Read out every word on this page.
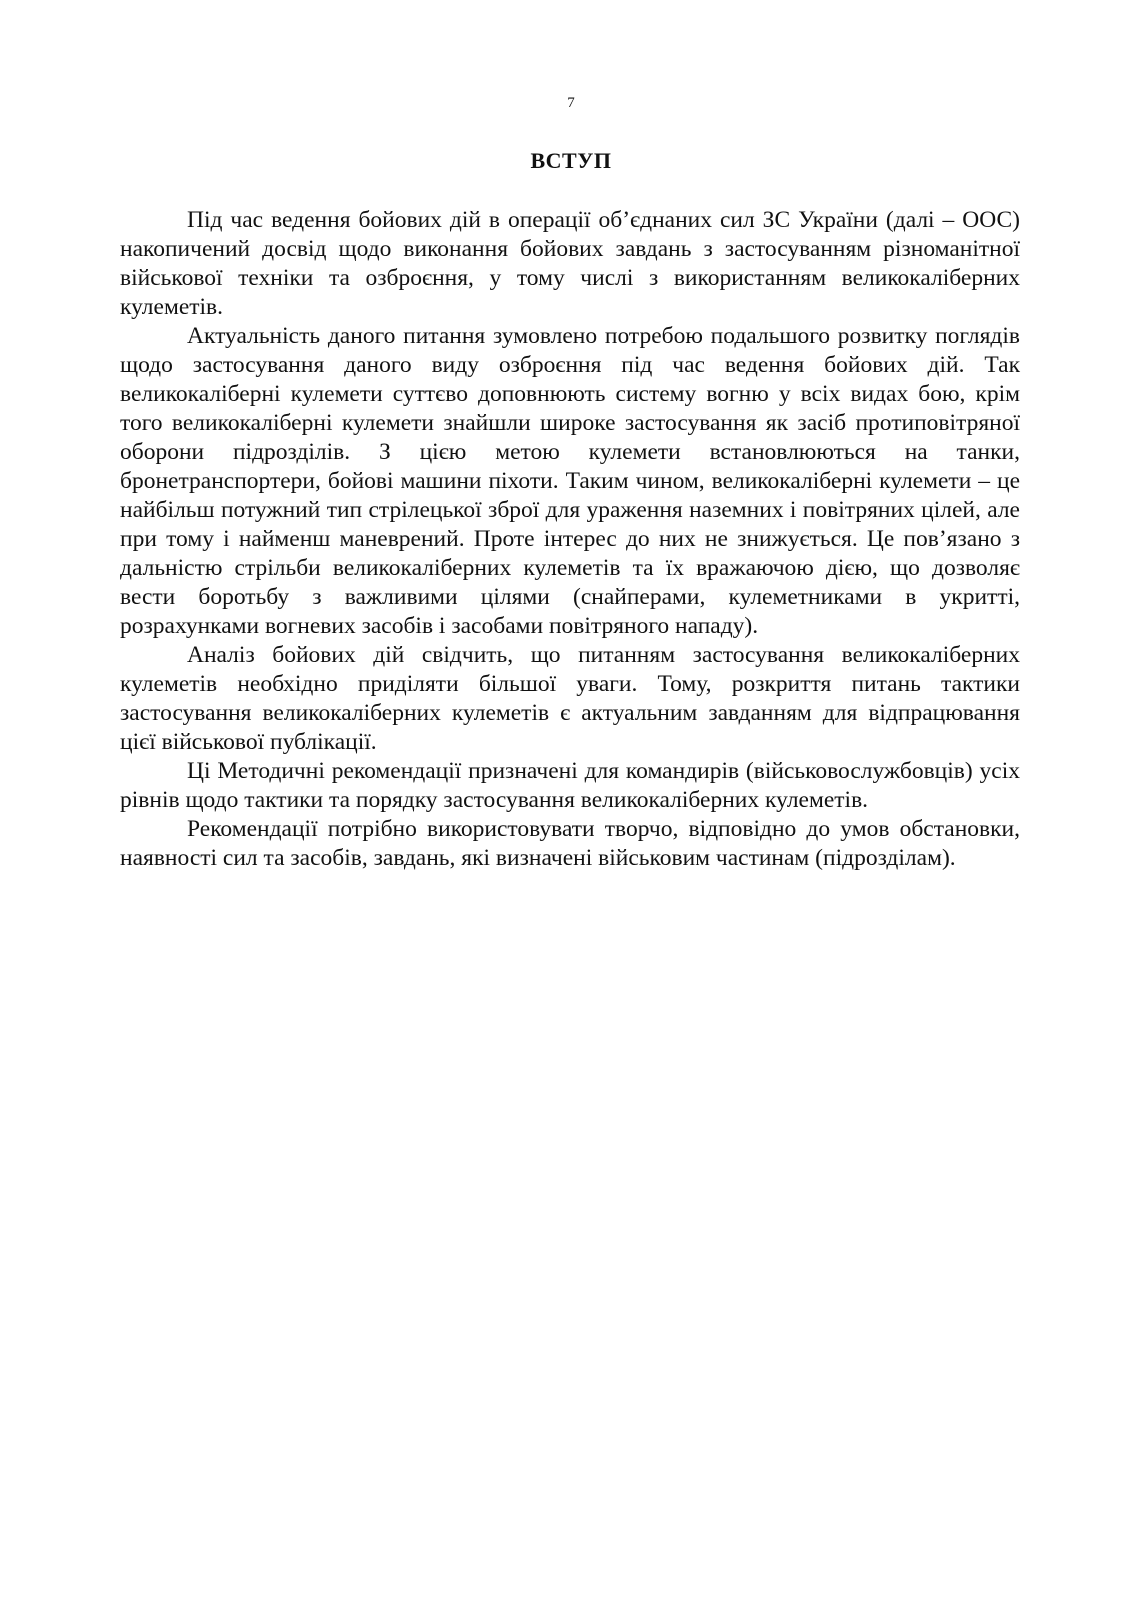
7
ВСТУП

Під час ведення бойових дій в операції об’єднаних сил ЗС України (далі – ООС) накопичений досвід щодо виконання бойових завдань з застосуванням різноманітної військової техніки та озброєння, у тому числі з використанням великокаліберних кулеметів.

Актуальність даного питання зумовлено потребою подальшого розвитку поглядів щодо застосування даного виду озброєння під час ведення бойових дій. Так великокаліберні кулемети суттєво доповнюють систему вогню у всіх видах бою, крім того великокаліберні кулемети знайшли широке застосування як засіб протиповітряної оборони підрозділів. З цією метою кулемети встановлюються на танки, бронетранспортери, бойові машини піхоти. Таким чином, великокаліберні кулемети – це найбільш потужний тип стрілецької зброї для ураження наземних і повітряних цілей, але при тому і найменш маневрений. Проте інтерес до них не знижується. Це пов’язано з дальністю стрільби великокаліберних кулеметів та їх вражаючою дією, що дозволяє вести боротьбу з важливими цілями (снайперами, кулеметниками в укритті, розрахунками вогневих засобів і засобами повітряного нападу).

Аналіз бойових дій свідчить, що питанням застосування великокаліберних кулеметів необхідно приділяти більшої уваги. Тому, розкриття питань тактики застосування великокаліберних кулеметів є актуальним завданням для відпрацювання цієї військової публікації.

Ці Методичні рекомендації призначені для командирів (військовослужбовців) усіх рівнів щодо тактики та порядку застосування великокаліберних кулеметів.

Рекомендації потрібно використовувати творчо, відповідно до умов обстановки, наявності сил та засобів, завдань, які визначені військовим частинам (підрозділам).
